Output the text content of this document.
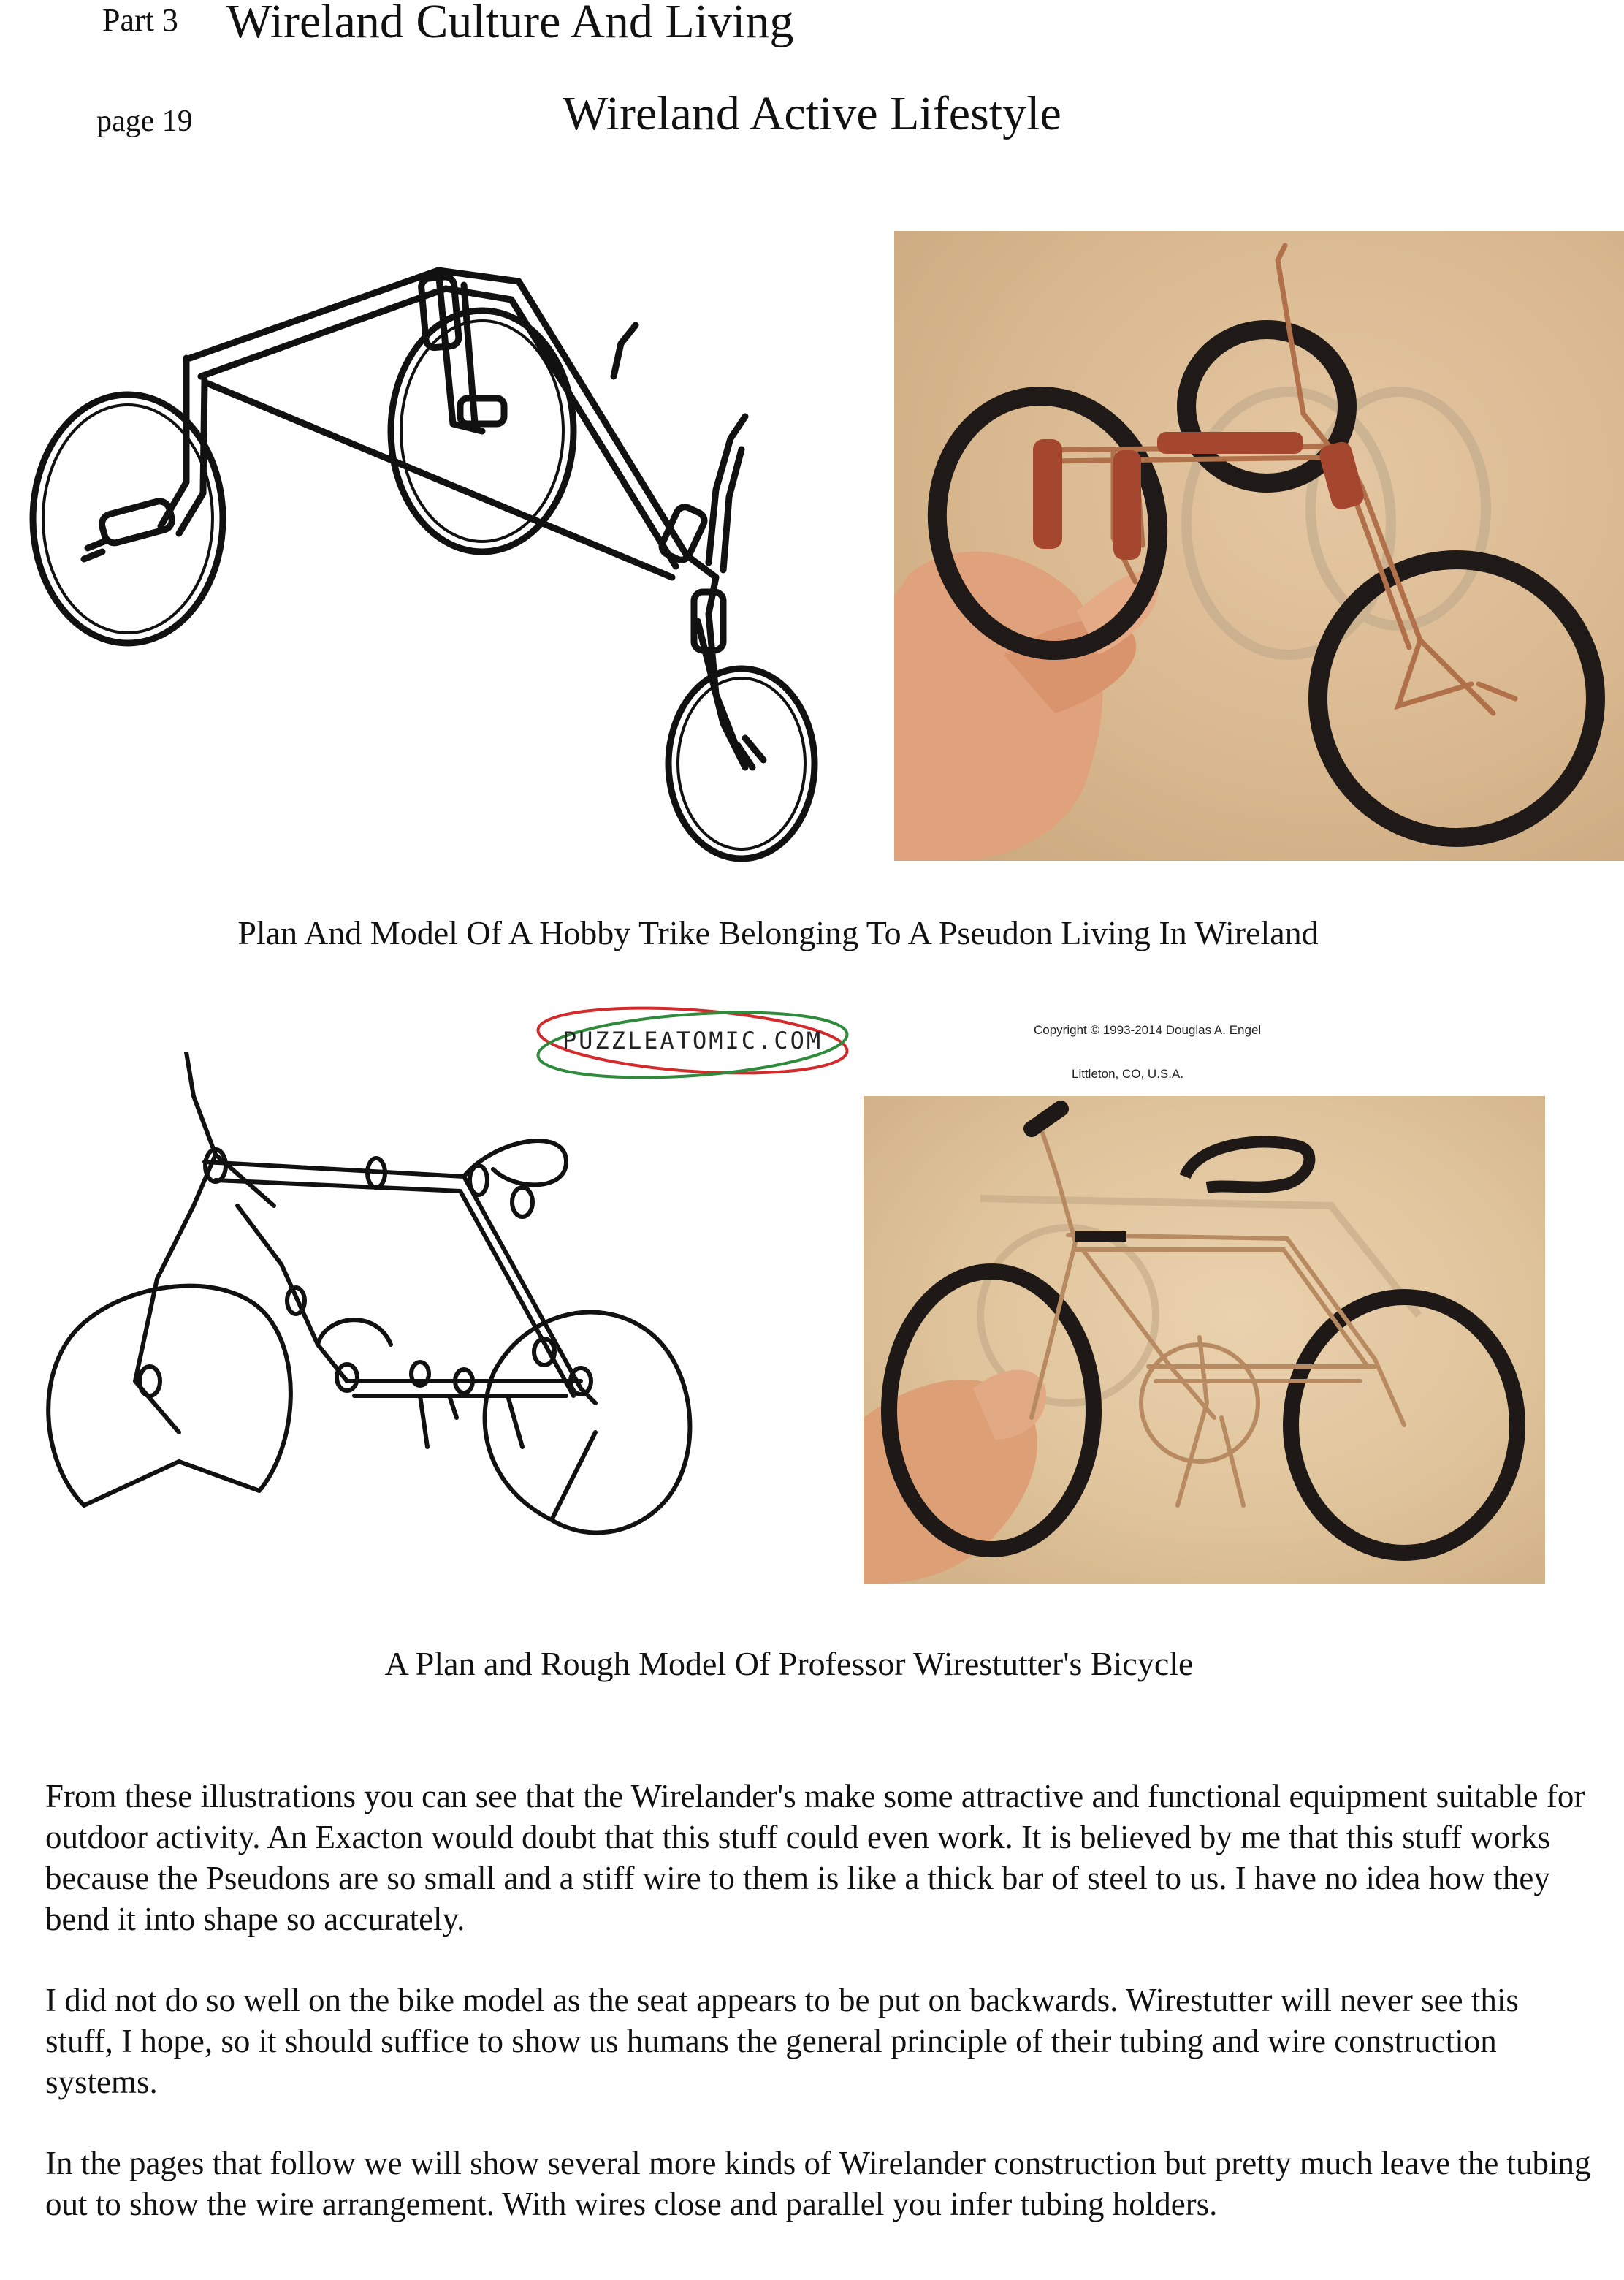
Part 3 Wireland Culture And Living
page 19	Wireland Active Lifestyle
Plan And Model Of A Hobby Trike Belonging To A Pseudon Living In Wireland
PUZZLEATOMIC.COM

	Copyright © 1993-2014 Douglas A. Engel

Littleton, CO, U.S.A.

A Plan and Rough Model Of Professor Wirestutter's Bicycle

From these illustrations you can see that the Wirelander's make some attractive and functional equipment suitable for outdoor activity. An Exacton would doubt that this stuff could even work. It is believed by me that this stuff works because the Pseudons are so small and a stiff wire to them is like a thick bar of steel to us. I have no idea how they bend it into shape so accurately.

I did not do so well on the bike model as the seat appears to be put on backwards. Wirestutter will never see this stuff, I hope, so it should suffice to show us humans the general principle of their tubing and wire construction systems.

In the pages that follow we will show several more kinds of Wirelander construction but pretty much leave the tubing out to show the wire arrangement. With wires close and parallel you infer tubing holders.
